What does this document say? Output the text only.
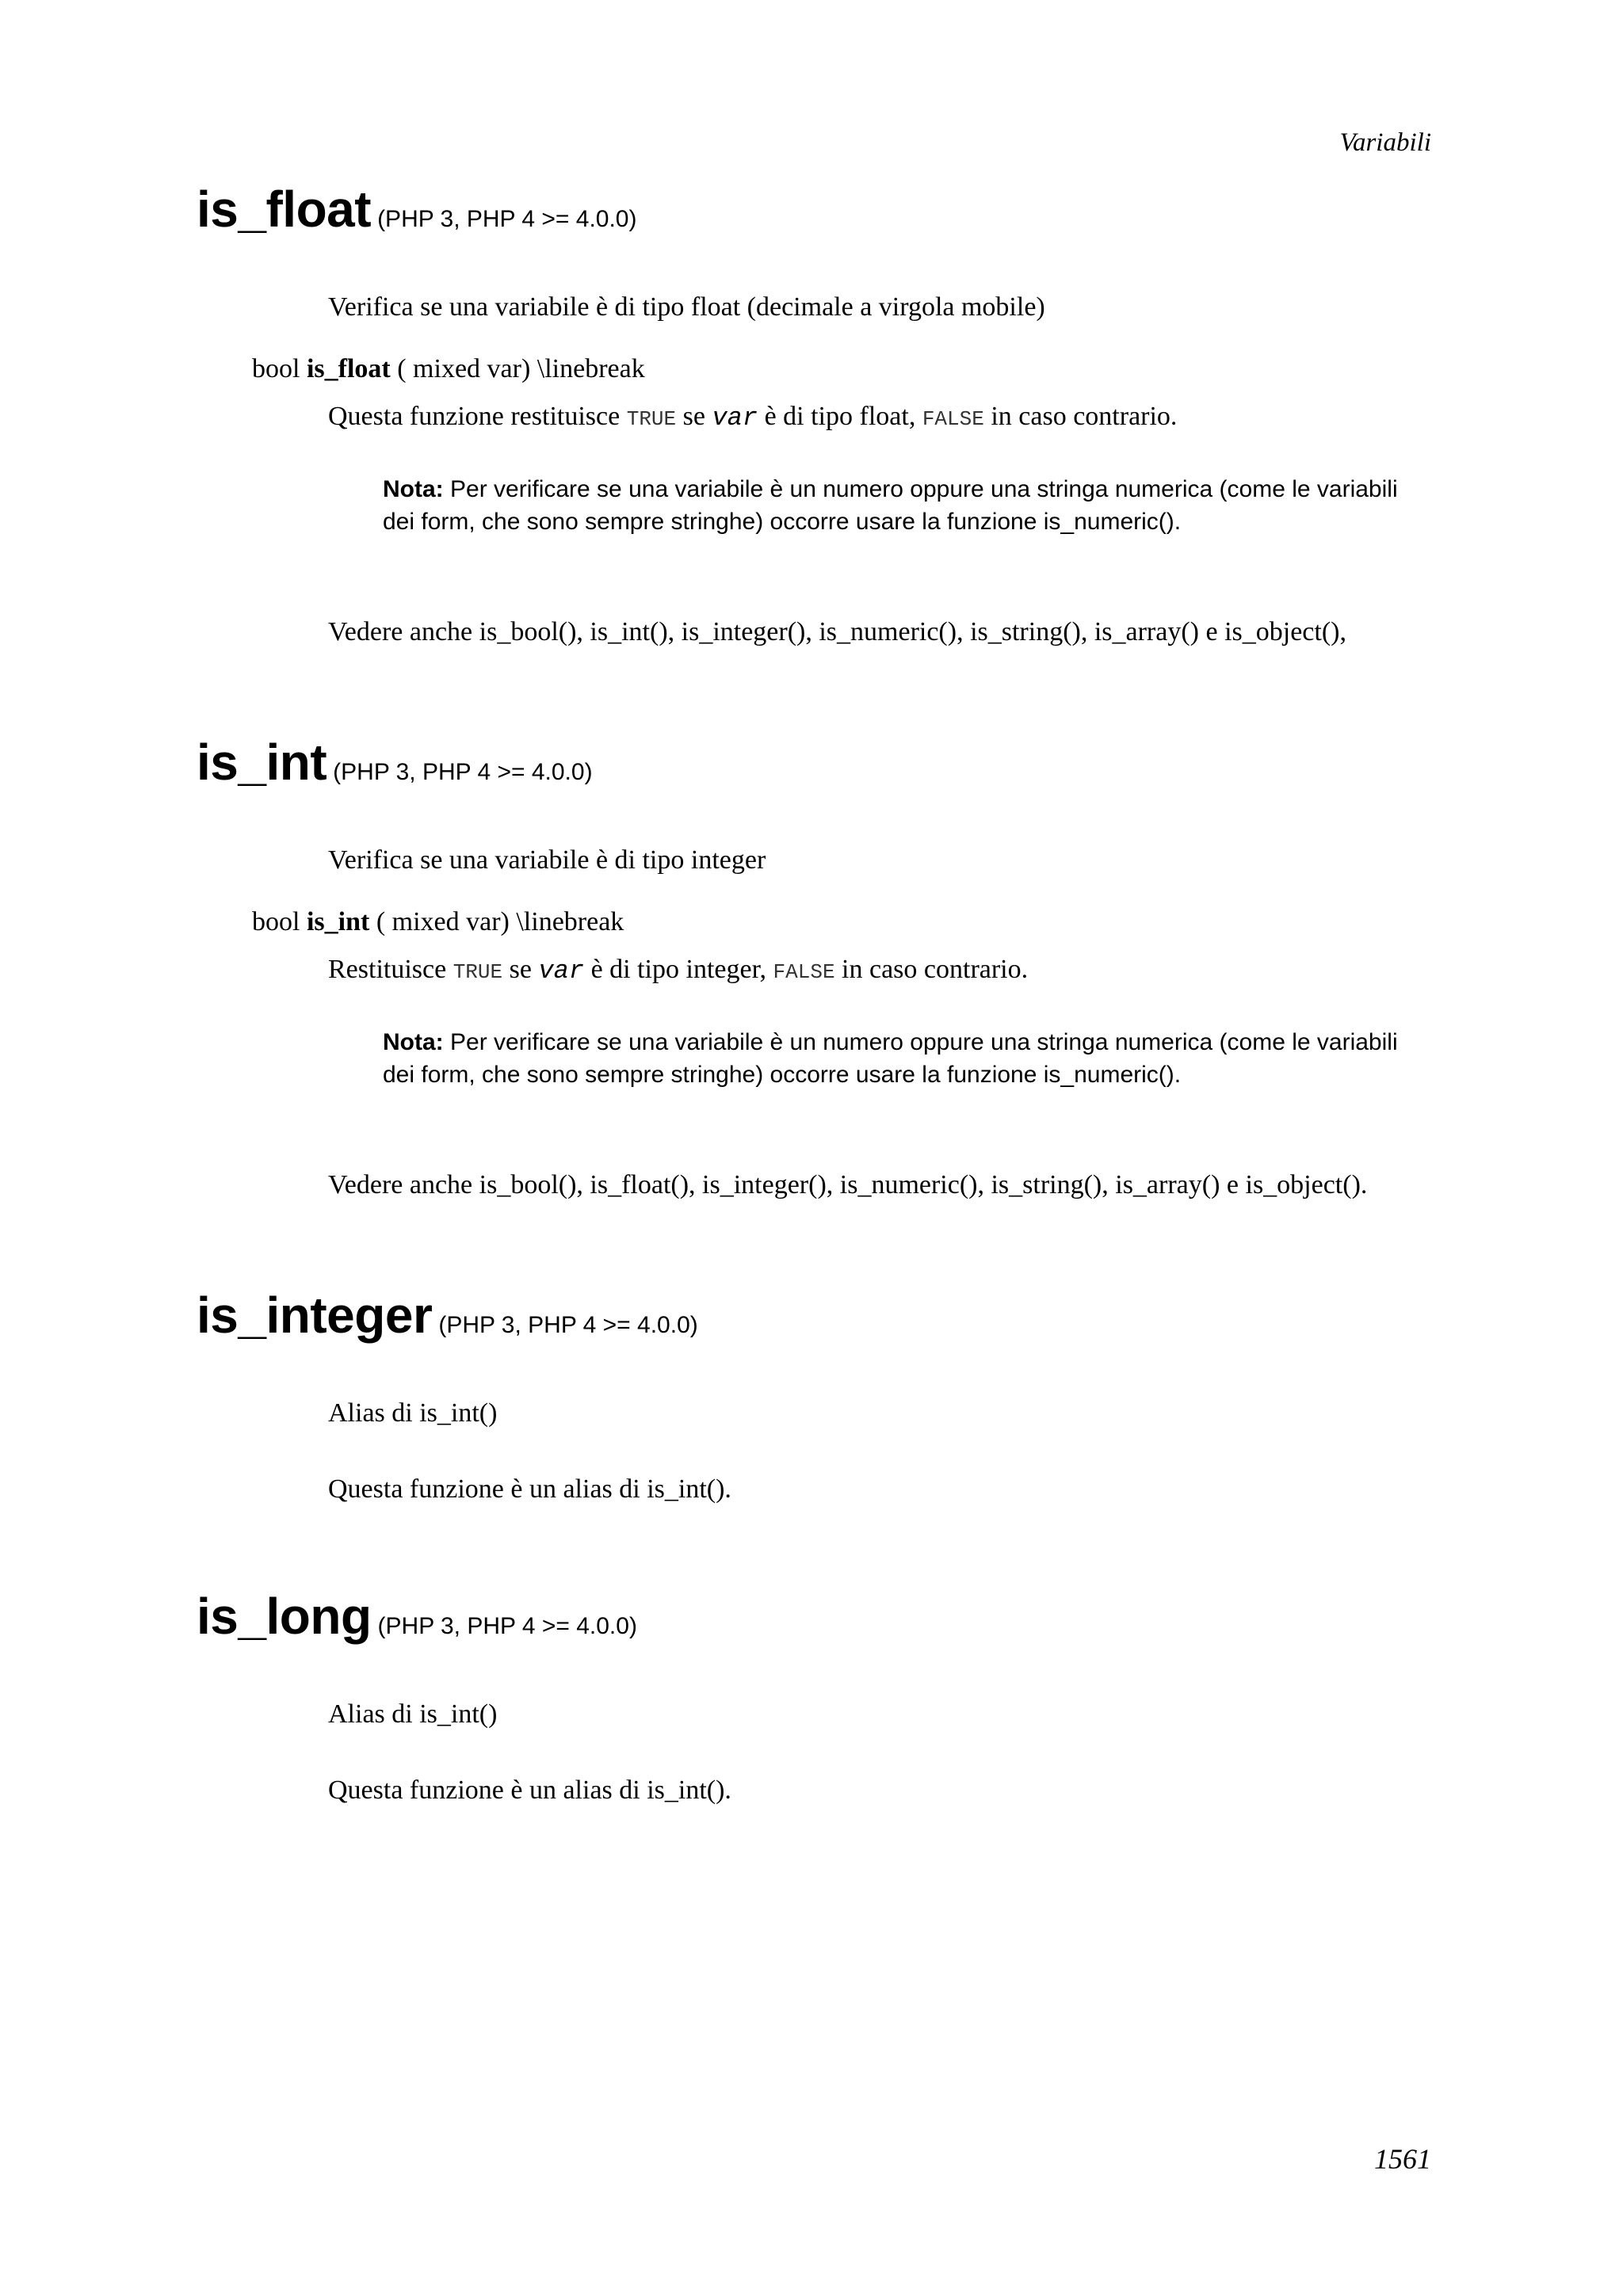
Variabili
is_float (PHP 3, PHP 4 >= 4.0.0)
Verifica se una variabile è di tipo float (decimale a virgola mobile)
bool is_float ( mixed var) \linebreak
Questa funzione restituisce TRUE se var è di tipo float, FALSE in caso contrario.
Nota: Per verificare se una variabile è un numero oppure una stringa numerica (come le variabili dei form, che sono sempre stringhe) occorre usare la funzione is_numeric().
Vedere anche is_bool(), is_int(), is_integer(), is_numeric(), is_string(), is_array() e is_object(),
is_int (PHP 3, PHP 4 >= 4.0.0)
Verifica se una variabile è di tipo integer
bool is_int ( mixed var) \linebreak
Restituisce TRUE se var è di tipo integer, FALSE in caso contrario.
Nota: Per verificare se una variabile è un numero oppure una stringa numerica (come le variabili dei form, che sono sempre stringhe) occorre usare la funzione is_numeric().
Vedere anche is_bool(), is_float(), is_integer(), is_numeric(), is_string(), is_array() e is_object().
is_integer (PHP 3, PHP 4 >= 4.0.0)
Alias di is_int()
Questa funzione è un alias di is_int().
is_long (PHP 3, PHP 4 >= 4.0.0)
Alias di is_int()
Questa funzione è un alias di is_int().
1561
